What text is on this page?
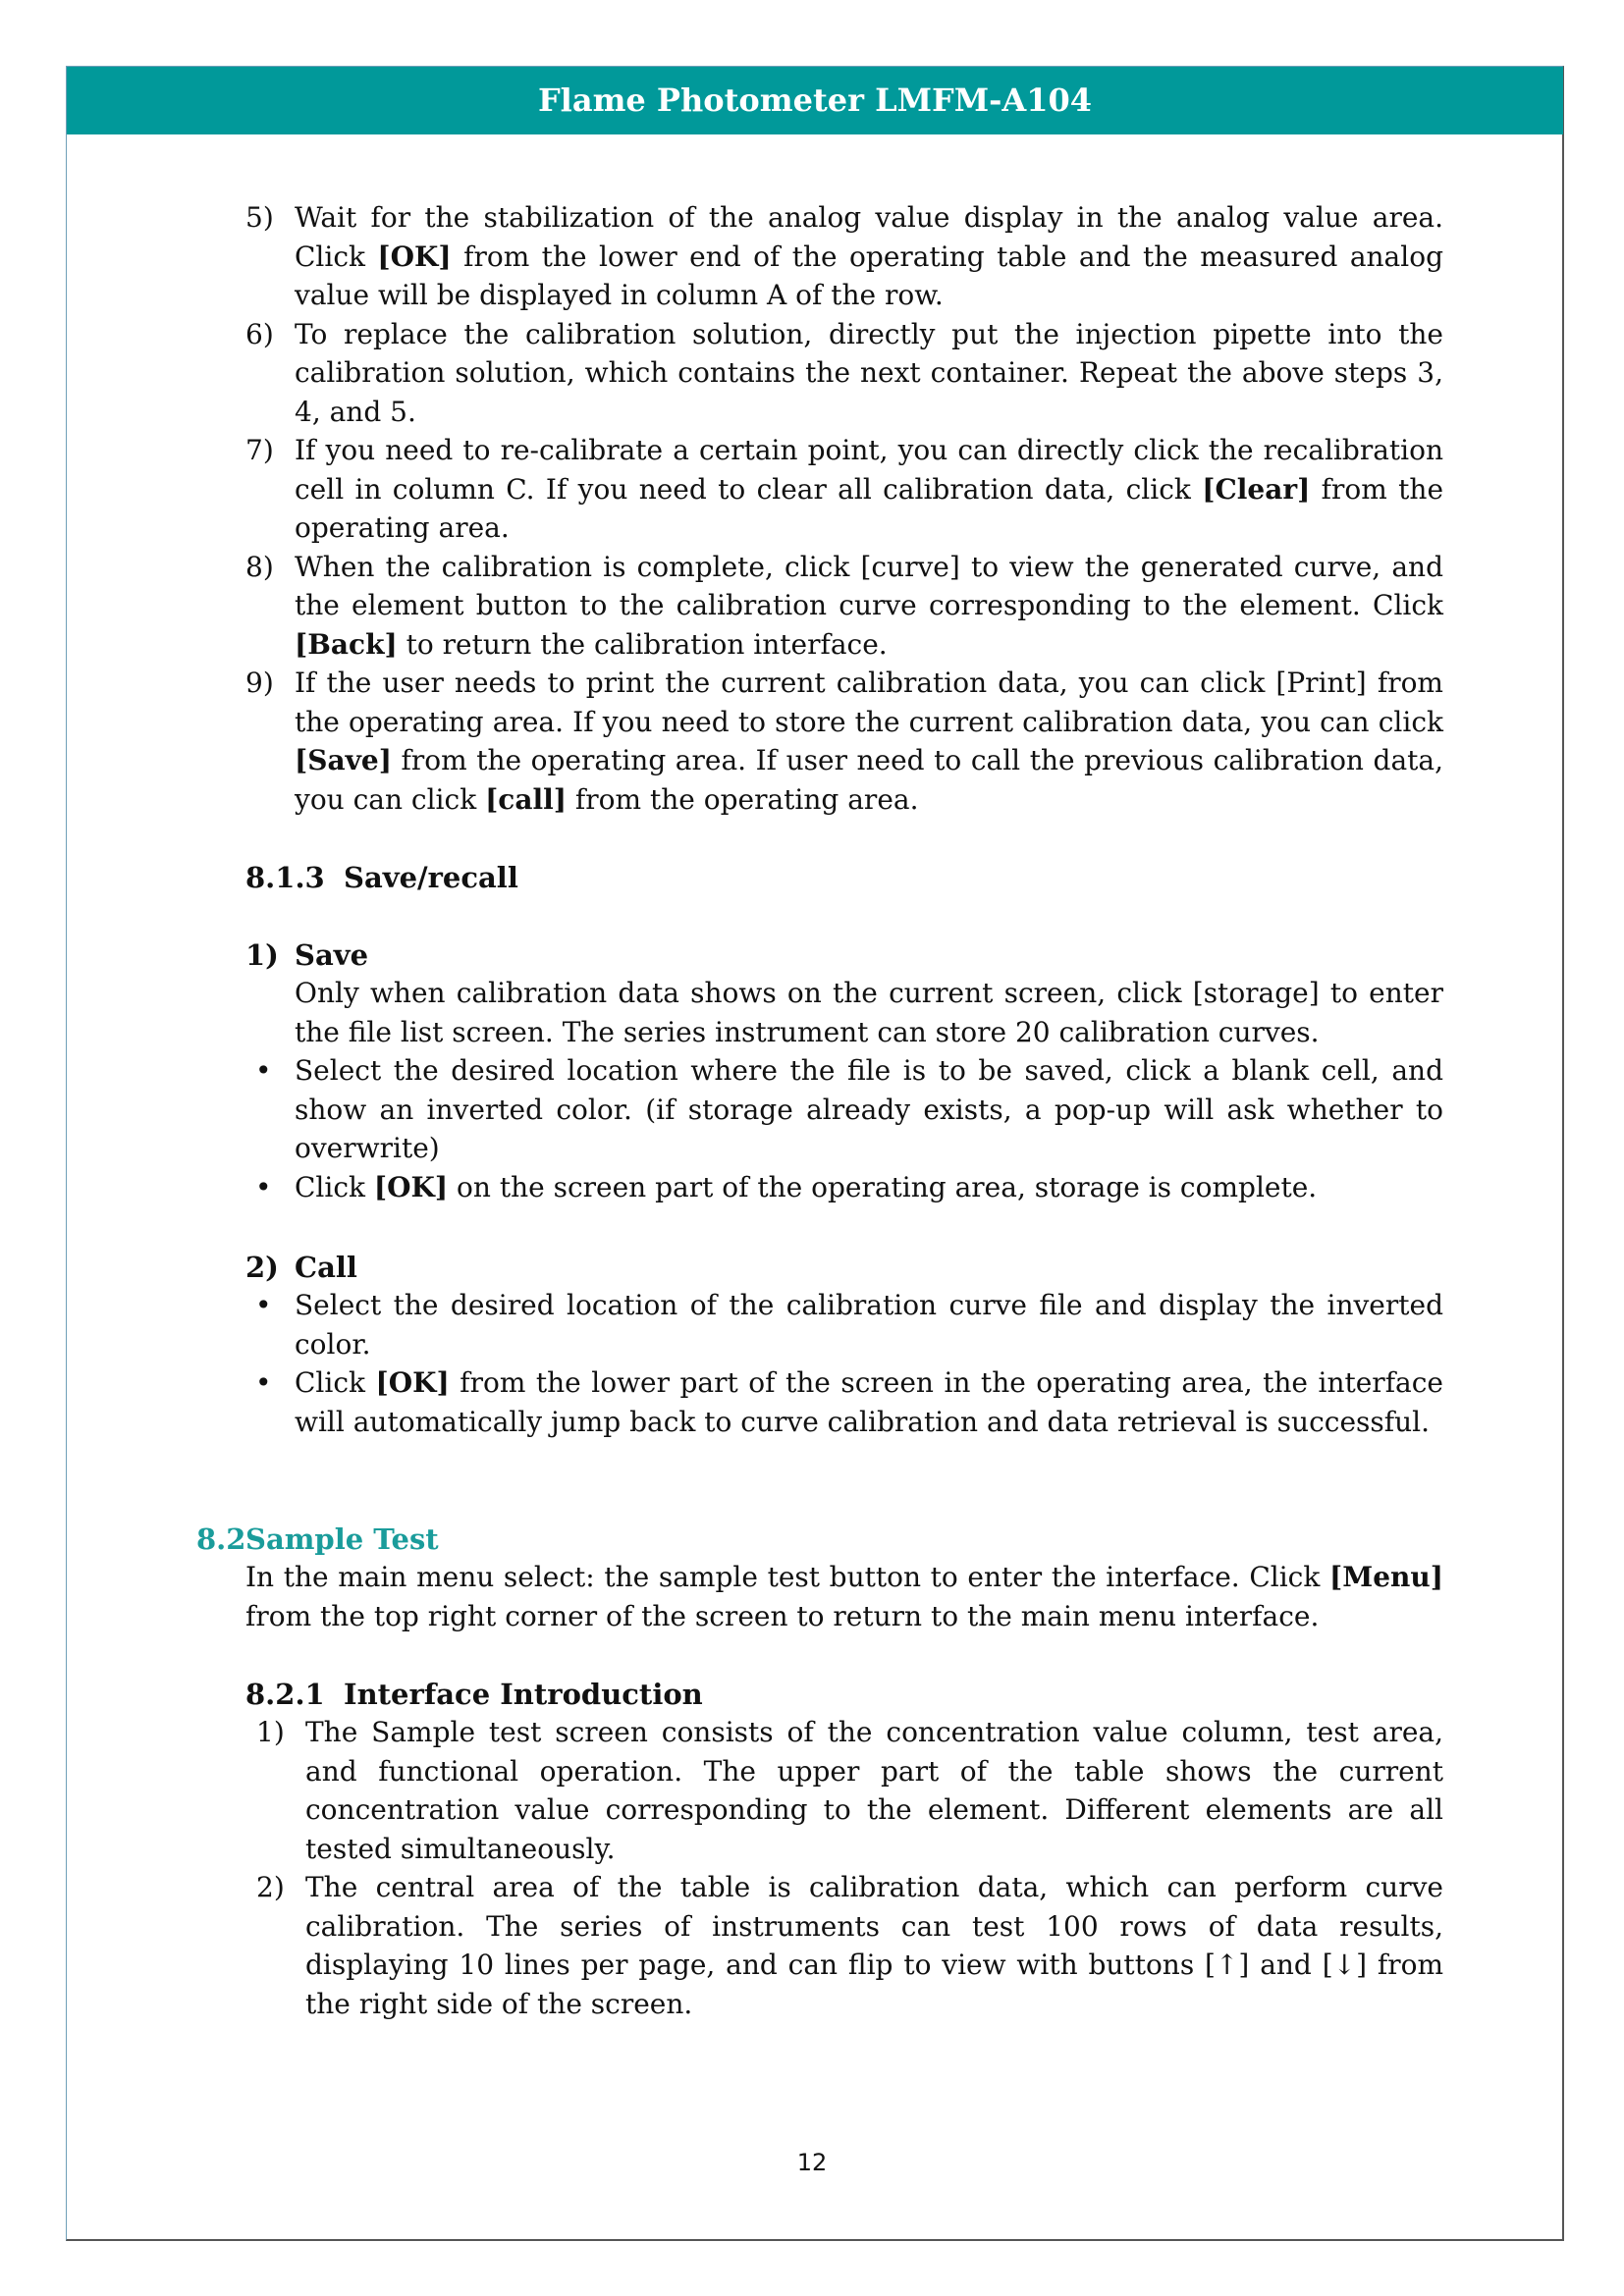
Flame Photometer LMFM-A104
5) Wait for the stabilization of the analog value display in the analog value area. Click [OK] from the lower end of the operating table and the measured analog value will be displayed in column A of the row.
6) To replace the calibration solution, directly put the injection pipette into the calibration solution, which contains the next container. Repeat the above steps 3, 4, and 5.
7) If you need to re-calibrate a certain point, you can directly click the recalibration cell in column C. If you need to clear all calibration data, click [Clear] from the operating area.
8) When the calibration is complete, click [curve] to view the generated curve, and the element button to the calibration curve corresponding to the element. Click [Back] to return the calibration interface.
9) If the user needs to print the current calibration data, you can click [Print] from the operating area. If you need to store the current calibration data, you can click [Save] from the operating area. If user need to call the previous calibration data, you can click [call] from the operating area.
8.1.3 Save/recall
1) Save
Only when calibration data shows on the current screen, click [storage] to enter the file list screen. The series instrument can store 20 calibration curves.
• Select the desired location where the file is to be saved, click a blank cell, and show an inverted color. (if storage already exists, a pop-up will ask whether to overwrite)
• Click [OK] on the screen part of the operating area, storage is complete.
2) Call
• Select the desired location of the calibration curve file and display the inverted color.
• Click [OK] from the lower part of the screen in the operating area, the interface will automatically jump back to curve calibration and data retrieval is successful.
8.2Sample Test
In the main menu select: the sample test button to enter the interface. Click [Menu] from the top right corner of the screen to return to the main menu interface.
8.2.1 Interface Introduction
1) The Sample test screen consists of the concentration value column, test area, and functional operation. The upper part of the table shows the current concentration value corresponding to the element. Different elements are all tested simultaneously.
2) The central area of the table is calibration data, which can perform curve calibration. The series of instruments can test 100 rows of data results, displaying 10 lines per page, and can flip to view with buttons [↑] and [↓] from the right side of the screen.
12
